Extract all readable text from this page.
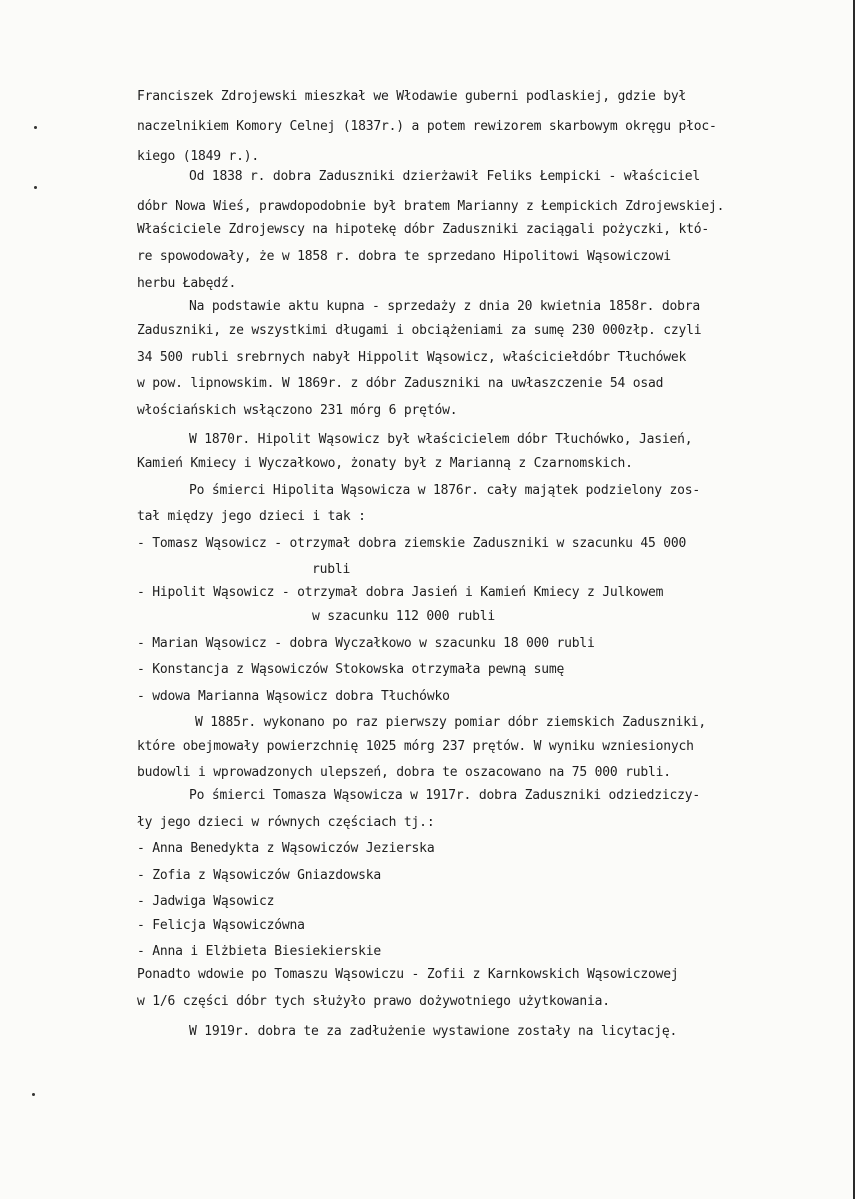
Franciszek Zdrojewski mieszkał we Włodawie guberni podlaskiej, gdzie był
naczelnikiem Komory Celnej (1837r.) a potem rewizorem skarbowym okręgu płoc-
kiego (1849 r.).
Od 1838 r. dobra Zaduszniki dzierżawił Feliks Łempicki - właściciel
dóbr Nowa Wieś, prawdopodobnie był bratem Marianny z Łempickich Zdrojewskiej.
Właściciele Zdrojewscy na hipotekę dóbr Zaduszniki zaciągali pożyczki, któ-
re spowodowały, że w 1858 r. dobra te sprzedano Hipolitowi Wąsowiczowi
herbu Łabędź.
Na podstawie aktu kupna - sprzedaży z dnia 20 kwietnia 1858r. dobra
Zaduszniki, ze wszystkimi długami i obciążeniami za sumę 230 000złp. czyli
34 500 rubli srebrnych nabył Hippolit Wąsowicz, właściciełdóbr Tłuchówek
w pow. lipnowskim. W 1869r. z dóbr Zaduszniki na uwłaszczenie 54 osad
włościańskich wsłączono 231 mórg 6 prętów.
W 1870r. Hipolit Wąsowicz był właścicielem dóbr Tłuchówko, Jasień,
Kamień Kmiecy i Wyczałkowo, żonaty był z Marianną z Czarnomskich.
Po śmierci Hipolita Wąsowicza w 1876r. cały majątek podzielony zos-
tał między jego dzieci i tak :
- Tomasz Wąsowicz - otrzymał dobra ziemskie Zaduszniki w szacunku 45 000
rubli
- Hipolit Wąsowicz - otrzymał dobra Jasień i Kamień Kmiecy z Julkowem
w szacunku 112 000 rubli
- Marian Wąsowicz - dobra Wyczałkowo w szacunku 18 000 rubli
- Konstancja z Wąsowiczów Stokowska otrzymała pewną sumę
- wdowa Marianna Wąsowicz dobra Tłuchówko
W 1885r. wykonano po raz pierwszy pomiar dóbr ziemskich Zaduszniki,
które obejmowały powierzchnię 1025 mórg 237 prętów. W wyniku wzniesionych
budowli i wprowadzonych ulepszeń, dobra te oszacowano na 75 000 rubli.
Po śmierci Tomasza Wąsowicza w 1917r. dobra Zaduszniki odziedziczy-
ły jego dzieci w równych częściach tj.:
- Anna Benedykta z Wąsowiczów Jezierska
- Zofia z Wąsowiczów Gniazdowska
- Jadwiga Wąsowicz
- Felicja Wąsowiczówna
- Anna i Elżbieta Biesiekierskie
Ponadto wdowie po Tomaszu Wąsowiczu - Zofii z Karnkowskich Wąsowiczowej
w 1/6 części dóbr tych służyło prawo dożywotniego użytkowania.
W 1919r. dobra te za zadłużenie wystawione zostały na licytację.
